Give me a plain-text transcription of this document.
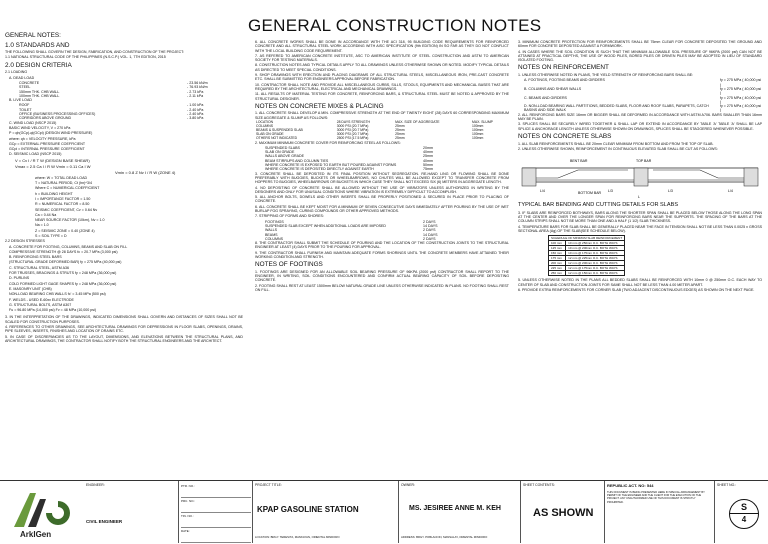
GENERAL CONSTRUCTION NOTES
GENERAL NOTES:
1.0 STANDARDS AND
THE FOLLOWING SHALL GOVERN THE DESIGN, FABRICATION, AND CONSTRUCTION OF THE PROJECT:
1.1 NATIONAL STRUCTURAL CODE OF THE PHILIPPINES (N.S.C.P.) VOL. 1, 7TH EDITION, 2015
2.0 DESIGN CRITERIA
2.1 LOADING
A. DEAD LOAD
CONCRETE	- 23.56 kN/m
STEEL	- 76.93 kN/m
150mm THK. CHB WALL	- 2.73 kPa
100mm THK. CHB WALL	- 2.11 kPa
B. LIVE LOAD
ROOF	- 1.00 kPa
TOILET	- 2.40 kPa
OFFICE (BUSINESS PROCESSING OFFICES)	- 2.40 kPa
CORRIDORS ABOVE GROUND	- 3.80 kPa
C. WIND LOAD (NSCP 2015)
BASIC WIND VELOCITY, V = 270 kPa
P = qh(GCp)-qi(GCpi) (DESIGN WIND PRESSURE)
where: qh = VELOCITY PRESSURE, kPa
GCp = EXTERNAL PRESSURE COEFFICIENT
GCpi = INTERNAL PRESSURE COEFFICIENT
D. SEISMIC LOAD (NSCP 2015)
V = Cv I / R T W (DESIGN BASE SHEAR)
Vmax = 2.5 Ca I / R W Vmin = 0.11 Ca I W
Vmin = 0.8 Z Nv I / R W (ZONE 4)
where: W = TOTAL DEAD LOAD
T = NATURAL PERIOD, Ct (hn)^3/4
Where C = NUMERICAL COEFFICIENT
h = BUILDING HEIGHT
I = IMPORTANCE FACTOR = 1.50
R = NUMERICAL FACTOR = 8.50
SEISMIC COEFFICIENT, Cv = 0.64 Nv
Ca = 0.44 Na
NEAR SOURCE FACTOR (10km), Nv = 1.0
Na = 1.0
Z = SEISMIC ZONE = 0.40 (ZONE 4)
S = SOIL TYPE = D
2.2 DESIGN STRESSES
A. CONCRETE FOR FOOTING, COLUMNS, BEAMS AND SLAB ON FILL
COMPRESSIVE STRENGTH @ 28 DAYS fc = 20.7 MPa (3,000 psi)
B. REINFORCING STEEL BARS
(STRUCTURAL GRADE DEFORMED BAR) fy = 275 MPa (40,000 psi)
C. STRUCTURAL STEEL, ASTM A36
FOR TRUSSES, BRACINGS & STRUTS fy = 248 MPa (36,000 psi)
D. PURLINS
COLD FORMED LIGHT GAGE SHAPES fy = 248 MPa (36,000 psi)
E. MASONRY UNIT (CHB)
NON-LOAD BEARING CHB WALLS fc' = 3.45 MPa (500 psi)
F. WELDS - USED E-60xx ELECTRODE
G. STRUCTURAL BOLTS, ASTM A307
Fu = 96.80 MPa (14,000 psi) Fv = 48 MPa (10,000 psi)
3. IN THE INTERPRETATION OF THE DRAWINGS, INDICATED DIMENSIONS SHALL GOVERN AND DISTANCES OF SIZES SHALL NOT BE SCALED FOR CONSTRUCTION PURPOSES.
4. REFERENCES TO OTHER DRAWINGS, SEE ARCHITECTURAL DRAWINGS FOR DEPRESSIONS IN FLOOR SLABS, OPENINGS, DRAINS, PIPE SLEEVES, INSERTS, FINISHES AND LOCATION OF DRAINS ETC.
5. IN CASE OF DISCREPANCIES AS TO THE LAYOUT, DIMENSIONS, AND ELEVATIONS BETWEEN THE STRUCTURAL PLANS, AND ARCHITECTURAL DRAWINGS, THE CONTRACTOR SHALL NOTIFY BOTH THE STRUCTURAL ENGINEERS AND THE ARCHITECT.
6. ALL CONCRETE WORKS SHALL BE DONE IN ACCORDANCE WITH THE ACI 318, 95 BUILDING CODE REQUIREMENTS FOR REINFORCED CONCRETE AND ALL STRUCTURAL STEEL WORK ACCORDING WITH AISC SPECIFICATION (9th EDITION) IN SO FAR AS THEY DO NOT CONFLICT WITH THE LOCAL BUILDING CODE REQUIREMENT.
7. AS REFERED TO AMERICAN CONCRETE INSTITUTE, ASC TO AMERICAN INSTITUTE OF STEEL CONSTRUCTION AND ASTM TO AMERICAN SOCIETY FOR TESTING MATERIALS.
8. CONSTRUCTION NOTES AND TYPICAL DETAILS APPLY TO ALL DRAWINGS UNLESS OTHERWISE SHOWN OR NOTED. MODIFY TYPICAL DETAILS AS DIRECTED TO MEET SPECIAL CONDITIONS.
9. SHOP DRAWINGS WITH ERECTION AND PLACING DIAGRAMS OF ALL STRUCTURAL STEELS, MISCELLANEOUS IRON, PRE-CAST CONCRETE ETC. SHALL BE SUBMITTED FOR ENGINEERS APPROVAL BEFORE FABRICATION.
10. CONTRACTOR SHALL NOTE AND PROVIDE ALL MISCELLANEOUS CURBS, SILLS, STOOLS, EQUIPMENTS AND MECHANICAL BASES THAT ARE REQUIRED BY THE ARCHITECTURAL, ELECTRICAL AND MECHANICAL DRAWINGS.
11. ALL RESULTS OF MATERIAL TESTING FOR CONCRETE, REINFORCING BARS, & STRUCTURAL STEEL MUST BE NOTED & APPROVED BY THE STRUCTURAL DESIGNER.
NOTES ON CONCRETE MIXES & PLACING
1. ALL CONCRETE SHALL DEVELOP A MIN. COMPRESSIVE STRENGTH AT THE END OF TWENTY EIGHT (28) DAYS 60 CORRESPONDING MAXIMUM SIZE AGGREGATE & SLUMP AS FOLLOWS:
LOCATION	28 DAYS STRENGTH	MAX. SIZE OF AGGREGATE	MAX. SLUMP
COLUMNS	3000 PSI (20.7 MPa)	25mm	100mm
BEAMS & SUSPENDED SLAB	3000 PSI (20.7 MPa)	25mm	100mm
SLAB ON GRADE	3000 PSI (20.7 MPa)	25mm	100mm
OTHERS NOT INDICATED	2500 PSI (17.5 MPa)	25mm	100mm
2. MAXIMUM MINIMUM CONCRETE COVER FOR REINFORCING STEEL AS FOLLOWS:
SUSPENDED SLABS	20mm
SLAB ON GRADE	40mm
WALLS ABOVE GRADE	25mm
BEAM STIRRUPS AND COLUMN TIES	40mm
WHERE CONCRETE IS EXPOSED TO EARTH BUT POURED AGAINST FORMS	50mm
WHERE CONCRETE IS DEPOSITED DIRECTLY AGAINST EARTH	75mm
3. CONCRETE SHALL BE DEPOSITED IN ITS FINAL POSITION WITHOUT SEGREGATION. RE-HAND LING OR FLOWING SHALL BE DONE PREFERABLY WITH BUGGIES, BUCKETS OR WHEELBARROWS, NO CHUTES WILL BE ALLOWED EXCEPT TO TRANSFER CONCRETE FROM HOPPERS TO BUGGIES, WHEELBARROWS OR BUCKETS IN WHICH CASE THEY SHALL NOT EXCEED SIX (6) METERS IN AGGREGATE LENGTH.
4. NO DEPOSITING OF CONCRETE SHALL BE ALLOWED WITHOUT THE USE OF VIBRATORS UNLESS AUTHORIZED IN WRITING BY THE DESIGNERS AND ONLY FOR UNUSUAL CONDITIONS WHERE VIBRATION IS EXTREMELY DIFFICULT TO ACCOMPLISH.
5. ALL ANCHOR BOLTS, DOWELS AND OTHER INSERTS SHALL BE PROPERLY POSITIONED & SECURED IN PLACE PRIOR TO PLACING OF CONCRETE.
6. ALL CONCRETE SHALL BE KEPT MOIST FOR A MINIMUM OF SEVEN CONSECUTIVE DAYS IMMEDIATELY AFTER POURING BY THE USE OF WET BURLAP FOG SPRAYING, CURING COMPOUNDS OR OTHER APPROVED METHODS.
7. STRIPPING OF FORMS AND SHORES:
FOOTINGS	2 DAYS
SUSPENDED SLAB EXCEPT WHEN ADDITIONAL LOADS ARE IMPOSED	14 DAYS
WALLS	2 DAYS
BEAMS	14 DAYS
COLUMNS	2 DAYS
8. THE CONTRACTOR SHALL SUBMIT THE SCHEDULE OF POURING AND THE LOCATION OF THE CONSTRUCTION JOINTS TO THE STRUCTURAL ENGINEER AT LEAST (4) DAYS PRIOR TO THE POURING FOR APPROVAL.
9. THE CONTRACTOR SHALL FURNISH AND MAINTAIN ADEQUATE FORMS SHORINGS UNTIL THE CONCRETE MEMBERS HAVE ATTAINED THEIR WORKING CONDITION AND STRENGTH.
NOTES OF FOOTINGS
1. FOOTINGS ARE DESIGNED FOR AN ALLOWABLE SOIL BEARING PRESSURE OF 96KPA (2000 psf) CONTRACTOR SHALL REPORT TO THE ENGINEER, IN WRITING, SOIL CONDITIONS ENCOUNTERED AND CONFIRM ACTUAL BEARING CAPACITY OF SOIL BEFORE DEPOSITING CONCRETE.
2. FOOTING SHALL REST AT LEAST 1500mm BELOW NATURAL GRADE LINE UNLESS OTHERWISE INDICATED IN PLANS. NO FOOTING SHALL REST ON FILL.
3. MINIMUM CONCRETE PROTECTION FOR REINFORCEMENTS SHALL BE 75mm CLEAR FOR CONCRETE DEPOSITED THE GROUND AND 60mm FOR CONCRETE DEPOSITED AGAINST A FORMWORK.
4. IN CASES WHERE THE SOIL CONDITION IS SUCH THAT THE MINIMUM ALLOWABLE SOIL PRESSURE OF 96KPA (2000 psf) CAN NOT BE ATTAINED AT PRACTICAL DEPTHS, THE USE OF WOOD PILES, BORED PILES OR DRIVEN PILES MAY BE ADOPTED IN LIEU OF STANDARD ISOLATED FOOTING.
NOTES ON REINFORCEMENT
1. UNLESS OTHERWISE NOTED IN PLANS, THE YIELD STRENGTH OF REINFORCING BARS SHALL BE:
A. FOOTINGS, FOOTING BEAMS AND GIRDERS	fy = 275 MPa ( 40,000 psi )
B. COLUMNS AND SHEAR WALLS	fy = 275 MPa ( 40,000 psi )
C. BEAMS AND GIRDERS	fy = 275 MPa ( 40,000 psi )
D. NON-LOAD BEARING WALL PARTITIONS, BEDDED SLABS, FLOOR AND ROOF SLABS, PARAPETS, CATCH BASINS AND SIDE WALK
fy = 275 MPa ( 40,000 psi )
2. ALL REINFORCING BARS SIZE 16mm OR BIGGER SHALL BE DEFORMED IN ACCORDANCE WITH ASTM A706. BARS SMALLER THAN 16mm MAY BE PLAIN.
3. SPLICES SHALL BE SECURELY WIRED TOGETHER & SHALL LAP OR EXTEND IN ACCORDANCE BY TABLE 'A' TABLE 'A' SHALL BE LAP SPLICE & ANCHORAGE LENGTH UNLESS OTHERWISE SHOWN ON DRAWINGS, SPLICES SHALL BE STAGGERED WHENEVER POSSIBLE.
NOTES ON CONCRETE SLABS
1. ALL SLAB REINFORCEMENTS SHALL BE 20mm CLEAR MINIMUM FROM BOTTOM AND FROM THE TOP OF SLAB.
2. UNLESS OTHERWISE SHOWN, REINFORCEMENT IN CONTINUOUS ELEVATED SLAB SHALL BE CUT AS FOLLOWS:
BENT BAR	TOP BAR
BOTTOM BAR
L/4	L/3
L
L/3	L/4
TYPICAL BAR BENDING AND CUTTING DETAILS FOR SLABS
3. IF SLABS ARE REINFORCED BOTHWAYS, BARS ALONG THE SHORTER SPAN SHALL BE PLACED BELOW THOSE ALONG THE LONG SPAN AT THE CENTER AND OVER THE LONGER SPAN FOR REINFORCING BARS NEAR THE SUPPORTS. THE SPACING OF THE BARS AT THE COLUMN STRIPS SHALL NOT BE MORE THAN ONE AND A HALF (1 1/2) SLAB THICKNESS.
4. TEMPERATURE BARS FOR SLAB SHALL BE GENERALLY PLACED NEAR THE FACE IN TENSION SHALL NOT BE LESS THAN 0.0025 x GROSS SECTIONAL AREA (Ag) OF THE SLAB(SEE SCHEDULE BELOW).
SCHEDULE OF MINIMUM SLAB REINFORCEMENT	
100 mm	10 mm @ 250mm O.C. BOTH WAYS
125 mm	10 mm @ 200mm O.C. BOTH WAYS
150 mm	10 mm @ 175mm O.C. BOTH WAYS
175 mm	12 mm @ 225mm O.C. BOTH WAYS
200 mm	12 mm @ 200mm O.C. BOTH WAYS
225 mm	12 mm @ 175mm O.C. BOTH WAYS
250 mm	12 mm @ 150mm O.C. BOTH WAYS
5. UNLESS OTHERWISE NOTED IN THE PLANS ALL BEDDED SLABS SHALL BE REINFORCED WITH 10mm 0 @ 250mm O.C. EACH WAY TO CENTER OF SLAB AND CONSTRUCTION JOINTS FOR SAME SHALL NOT BE LESS THAN 4.00 METER APART.
6. PROVIDE EXTRA REINFORCEMENTS FOR CORNER SLAB (TWO ADJACENT DISCONTINUOUS EDGES) AS SHOWN ON THE NEXT PAGE.
ENGINEER:
CIVIL ENGINEER
PTR. NO.:
PRC. NO.:
TIN. NO.:
DATE:
PROJECT TITLE:
KPAP GASOLINE STATION
LOCATION: BRGY. TERESITA, MANKAYAN, ORIENTAL MINDORO
OWNER:
MS. JESIREE ANNE M. KEH
ADDRESS: BRGY. POBLACION, MANSALAY, ORIENTAL MINDORO
SHEET CONTENTS:
AS SHOWN
REPUBLIC ACT. NO: 544
THIS DOCUMENT IS BEING PRESENTED HERE IN SPECIAL ARRANGEMENT BY PERMIT OF THE ENGINEER AND THE CLIENT FOR THE EXECUTION OF THE PROJECT. ANY UNAUTHORIZED USE OF THIS DOCUMENT IS STRICTLY PROHIBITED.
SHEET NO.:
S
4
ArkIGen
